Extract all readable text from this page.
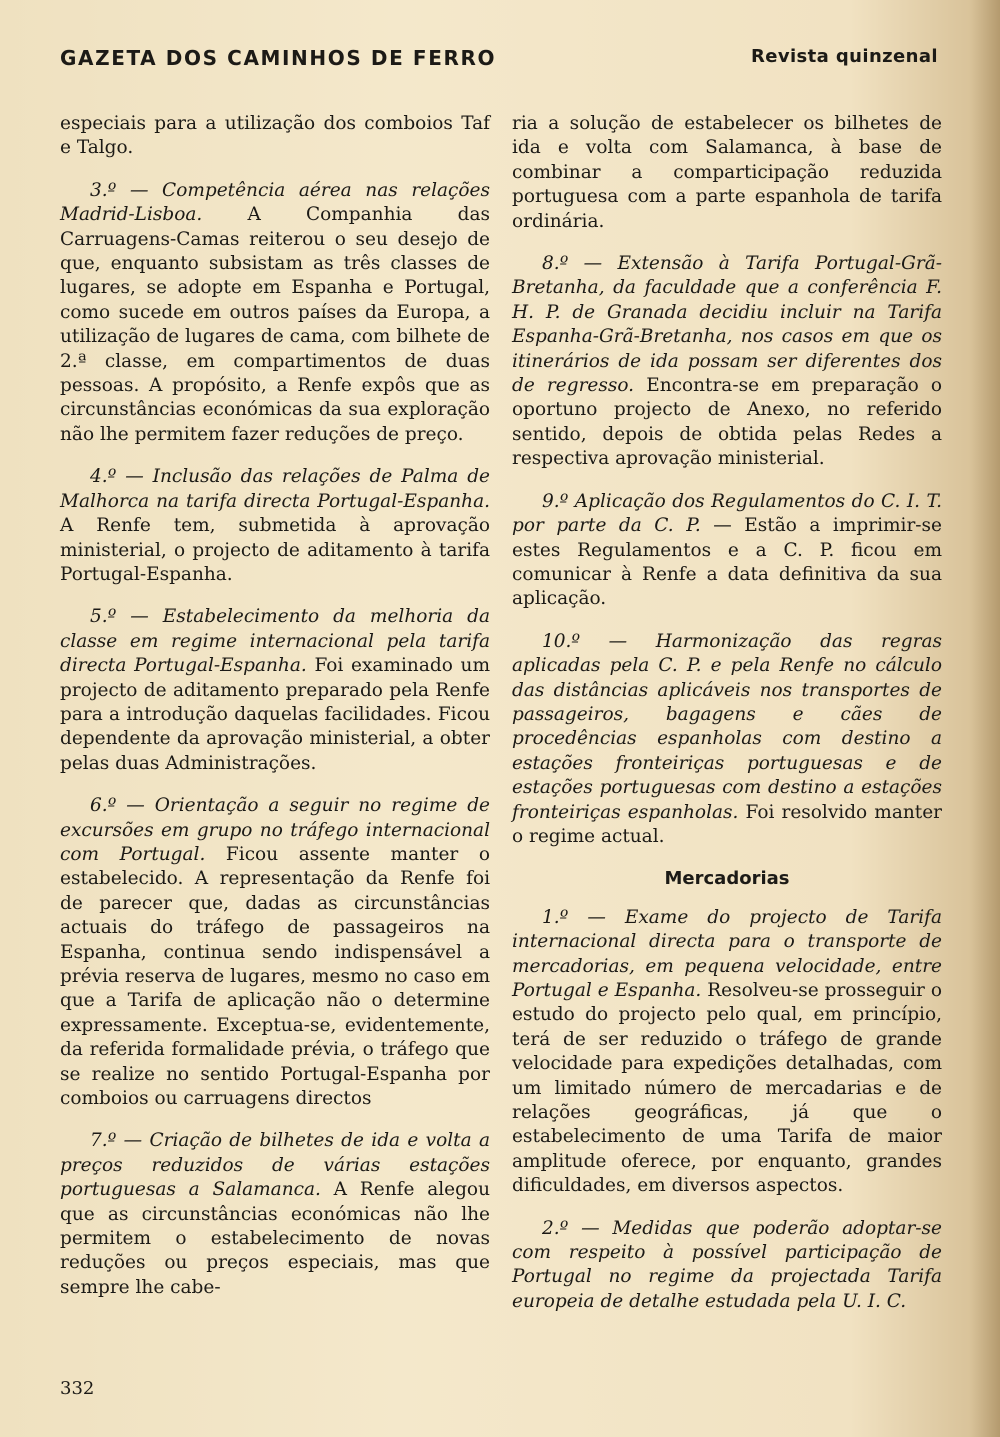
GAZETA DOS CAMINHOS DE FERRO	Revista quinzenal

especiais para a utilização dos comboios Taf e Talgo.

3.º — Competência aérea nas relações Madrid-Lisboa. A Companhia das Carruagens-Camas reiterou o seu desejo de que, enquanto subsistam as três classes de lugares, se adopte em Espanha e Portugal, como sucede em outros países da Europa, a utilização de lugares de cama, com bilhete de 2.ª classe, em compartimentos de duas pessoas. A propósito, a Renfe expôs que as circunstâncias económicas da sua exploração não lhe permitem fazer reduções de preço.

4.º — Inclusão das relações de Palma de Malhorca na tarifa directa Portugal-Espanha. A Renfe tem, submetida à aprovação ministerial, o projecto de aditamento à tarifa Portugal-Espanha.

5.º — Estabelecimento da melhoria da classe em regime internacional pela tarifa directa Portugal-Espanha. Foi examinado um projecto de aditamento preparado pela Renfe para a introdução daquelas facilidades. Ficou dependente da aprovação ministerial, a obter pelas duas Administrações.

6.º — Orientação a seguir no regime de excursões em grupo no tráfego internacional com Portugal. Ficou assente manter o estabelecido. A representação da Renfe foi de parecer que, dadas as circunstâncias actuais do tráfego de passageiros na Espanha, continua sendo indispensável a prévia reserva de lugares, mesmo no caso em que a Tarifa de aplicação não o determine expressamente. Exceptua-se, evidentemente, da referida formalidade prévia, o tráfego que se realize no sentido Portugal-Espanha por comboios ou carruagens directos

7.º — Criação de bilhetes de ida e volta a preços reduzidos de várias estações portuguesas a Salamanca. A Renfe alegou que as circunstâncias económicas não lhe permitem o estabelecimento de novas reduções ou preços especiais, mas que sempre lhe cabe-

ria a solução de estabelecer os bilhetes de ida e volta com Salamanca, à base de combinar a comparticipação reduzida portuguesa com a parte espanhola de tarifa ordinária.

8.º — Extensão à Tarifa Portugal-Grã-Bretanha, da faculdade que a conferência F. H. P. de Granada decidiu incluir na Tarifa Espanha-Grã-Bretanha, nos casos em que os itinerários de ida possam ser diferentes dos de regresso. Encontra-se em preparação o oportuno projecto de Anexo, no referido sentido, depois de obtida pelas Redes a respectiva aprovação ministerial.

9.º Aplicação dos Regulamentos do C. I. T. por parte da C. P. — Estão a imprimir-se estes Regulamentos e a C. P. ficou em comunicar à Renfe a data definitiva da sua aplicação.

10.º — Harmonização das regras aplicadas pela C. P. e pela Renfe no cálculo das distâncias aplicáveis nos transportes de passageiros, bagagens e cães de procedências espanholas com destino a estações fronteiriças portuguesas e de estações portuguesas com destino a estações fronteiriças espanholas. Foi resolvido manter o regime actual.

Mercadorias

1.º — Exame do projecto de Tarifa internacional directa para o transporte de mercadorias, em pequena velocidade, entre Portugal e Espanha. Resolveu-se prosseguir o estudo do projecto pelo qual, em princípio, terá de ser reduzido o tráfego de grande velocidade para expedições detalhadas, com um limitado número de mercadarias e de relações geográficas, já que o estabelecimento de uma Tarifa de maior amplitude oferece, por enquanto, grandes dificuldades, em diversos aspectos.

2.º — Medidas que poderão adoptar-se com respeito à possível participação de Portugal no regime da projectada Tarifa europeia de detalhe estudada pela U. I. C.

332
